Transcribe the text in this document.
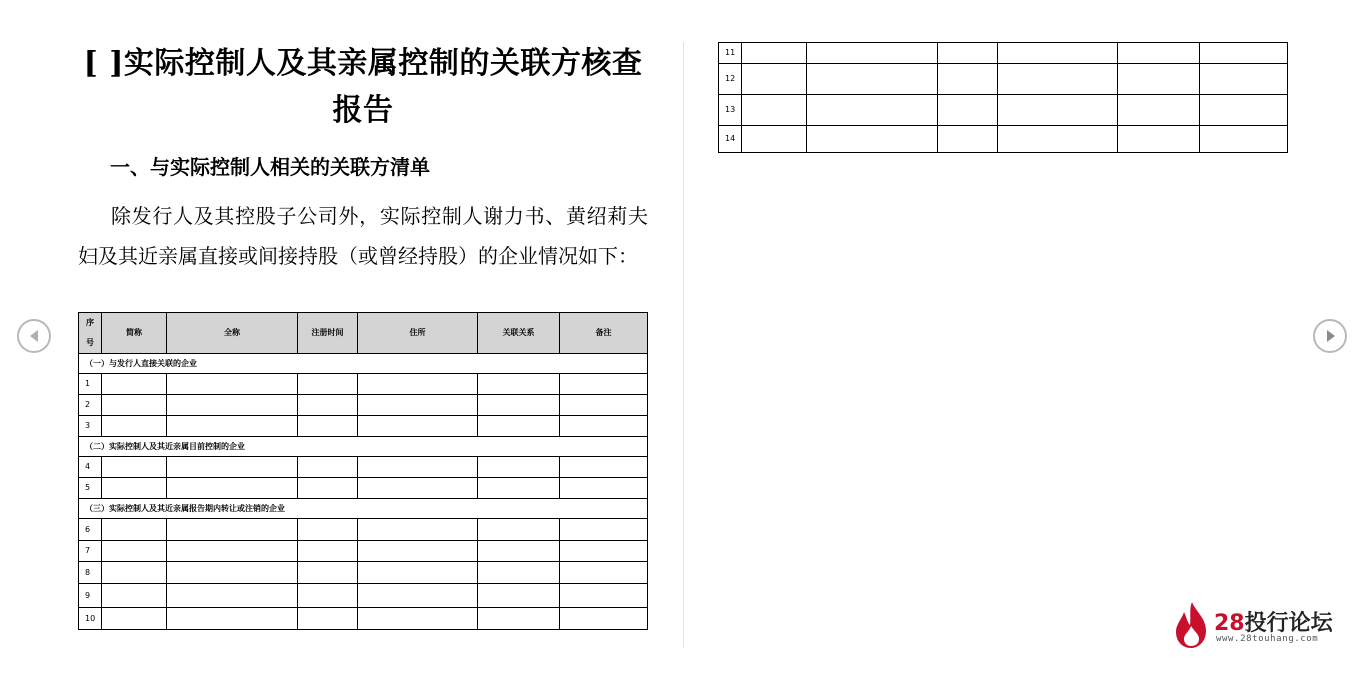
[ ]实际控制人及其亲属控制的关联方核查
报告
一、与实际控制人相关的关联方清单

除发行人及其控股子公司外，实际控制人谢力书、黄绍莉夫妇及其近亲属直接或间接持股（或曾经持股）的企业情况如下：

序
号	简称	全称	注册时间	住所	关联关系	备注
（一）与发行人直接关联的企业						
1						
2						
3						
（二）实际控制人及其近亲属目前控制的企业						
4						
5						
（三）实际控制人及其近亲属报告期内转让或注销的企业						
6						
7						
8						
9						
10						
11						
12						
13						
14						
28投行论坛
www.28touhang.com
